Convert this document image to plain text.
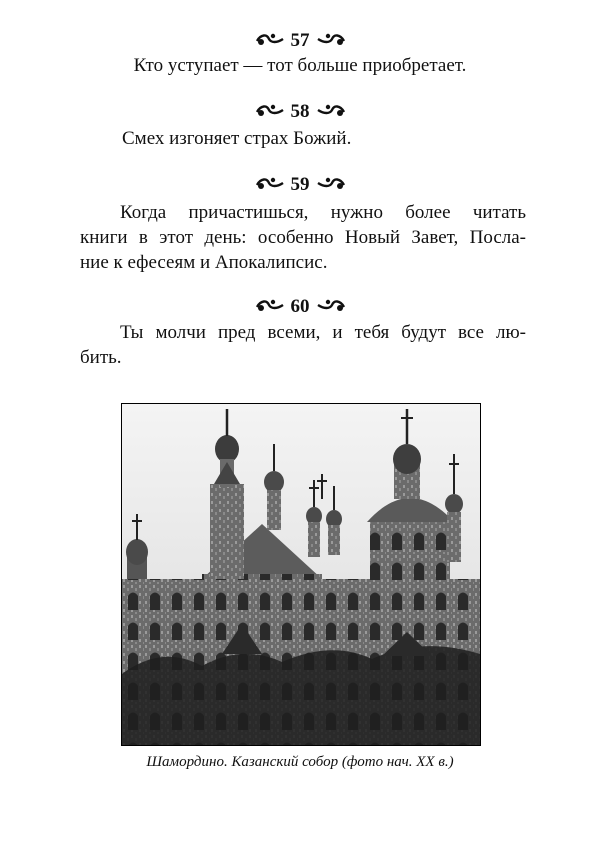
57
Кто уступает — тот больше приобретает.
58
Смех изгоняет страх Божий.
59
Когда причастишься, нужно более читать
книги в этот день: особенно Новый Завет, Посла-
ние к ефесеям и Апокалипсис.
60
Ты молчи пред всеми, и тебя будут все лю-
бить.
Шамордино. Казанский собор (фото нач. XX в.)
